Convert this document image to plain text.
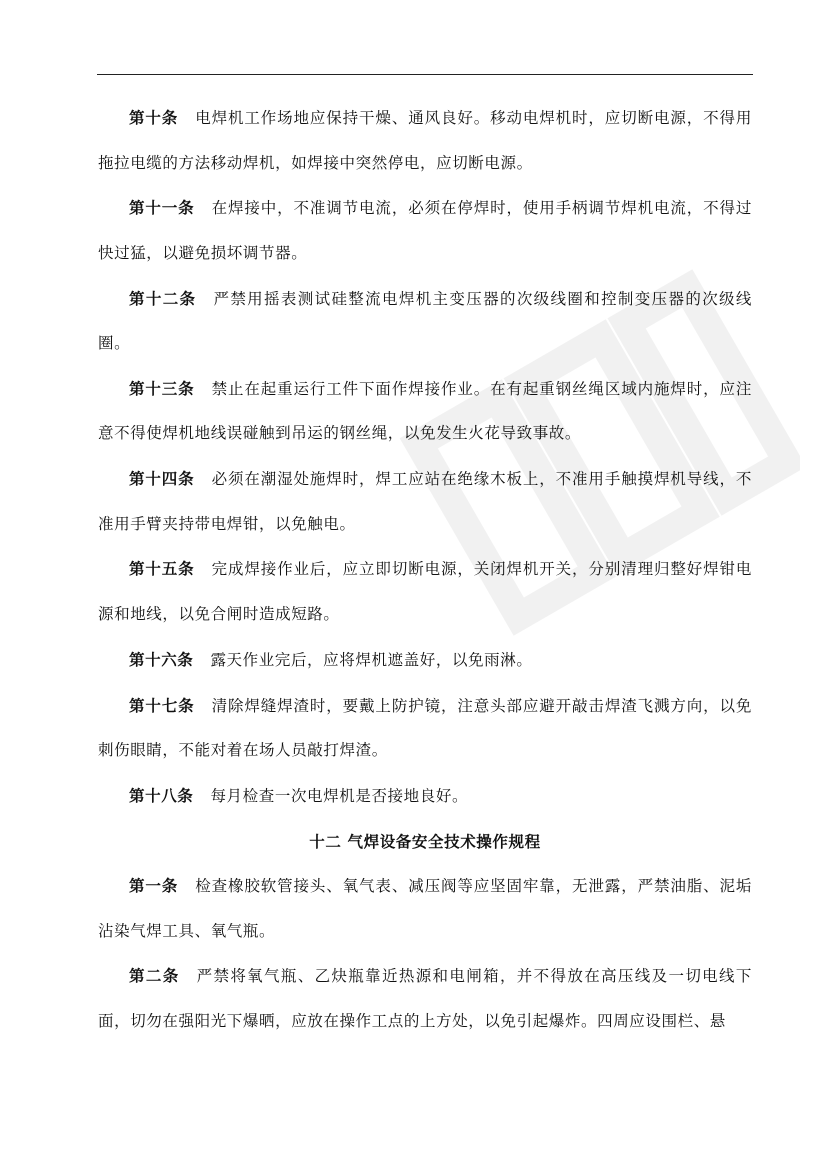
第十条 电焊机工作场地应保持干燥、通风良好。移动电焊机时，应切断电源，不得用拖拉电缆的方法移动焊机，如焊接中突然停电，应切断电源。

第十一条 在焊接中，不准调节电流，必须在停焊时，使用手柄调节焊机电流，不得过快过猛，以避免损坏调节器。

第十二条 严禁用摇表测试硅整流电焊机主变压器的次级线圈和控制变压器的次级线圈。

第十三条 禁止在起重运行工件下面作焊接作业。在有起重钢丝绳区域内施焊时，应注意不得使焊机地线误碰触到吊运的钢丝绳，以免发生火花导致事故。

第十四条 必须在潮湿处施焊时，焊工应站在绝缘木板上，不准用手触摸焊机导线，不准用手臂夹持带电焊钳，以免触电。

第十五条 完成焊接作业后，应立即切断电源，关闭焊机开关，分别清理归整好焊钳电源和地线，以免合闸时造成短路。

第十六条 露天作业完后，应将焊机遮盖好，以免雨淋。

第十七条 清除焊缝焊渣时，要戴上防护镜，注意头部应避开敲击焊渣飞溅方向，以免刺伤眼睛，不能对着在场人员敲打焊渣。

第十八条 每月检查一次电焊机是否接地良好。

十二 气焊设备安全技术操作规程

第一条 检查橡胶软管接头、氧气表、减压阀等应坚固牢靠，无泄露，严禁油脂、泥垢沾染气焊工具、氧气瓶。

第二条 严禁将氧气瓶、乙炔瓶靠近热源和电闸箱，并不得放在高压线及一切电线下面，切勿在强阳光下爆晒，应放在操作工点的上方处，以免引起爆炸。四周应设围栏、悬
